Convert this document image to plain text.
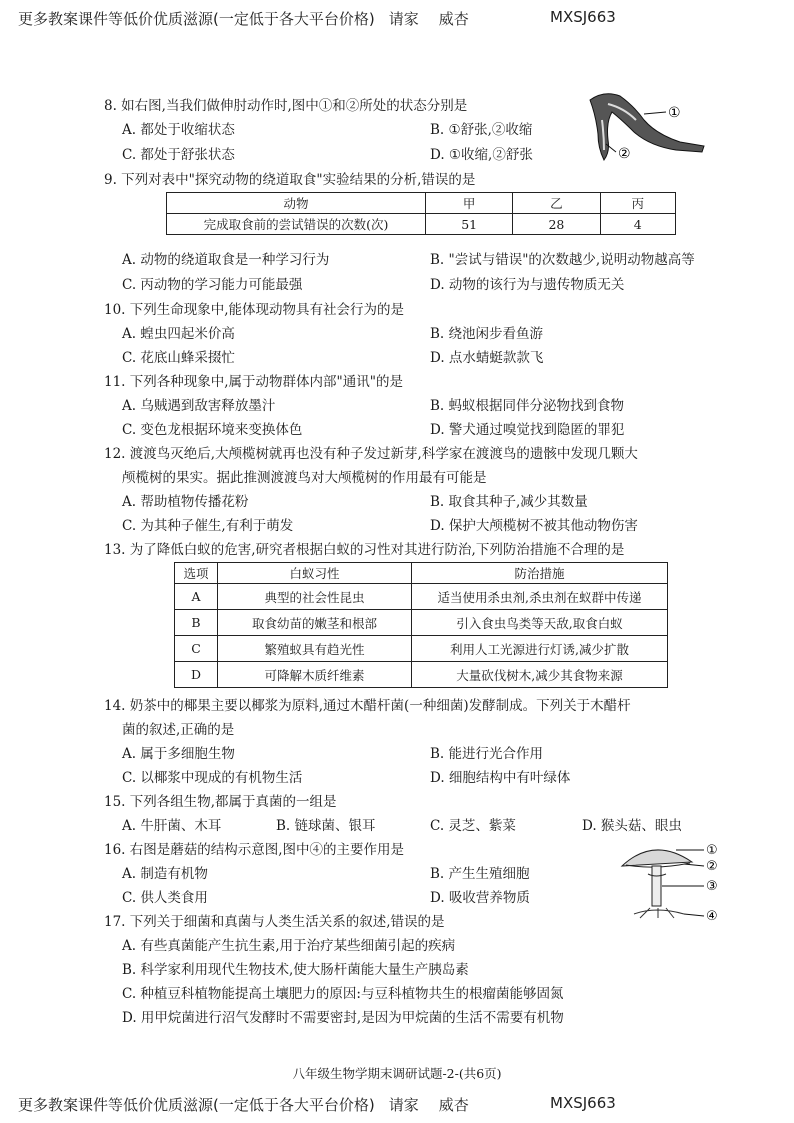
更多教案课件等低价优质滋源(一定低于各大平台价格) 请家 威杏	MXSJ663
8. 如右图,当我们做伸肘动作时,图中①和②所处的状态分别是
A. 都处于收缩状态	B. ①舒张,②收缩
C. 都处于舒张状态	D. ①收缩,②舒张
9. 下列对表中"探究动物的绕道取食"实验结果的分析,错误的是
动物	甲	乙	丙
完成取食前的尝试错误的次数(次)	51	28	4
A. 动物的绕道取食是一种学习行为	B. "尝试与错误"的次数越少,说明动物越高等
C. 丙动物的学习能力可能最强	D. 动物的该行为与遗传物质无关
10. 下列生命现象中,能体现动物具有社会行为的是
A. 蝗虫四起米价高	B. 绕池闲步看鱼游
C. 花底山蜂采掇忙	D. 点水蜻蜓款款飞
11. 下列各种现象中,属于动物群体内部"通讯"的是
A. 乌贼遇到敌害释放墨汁	B. 蚂蚁根据同伴分泌物找到食物
C. 变色龙根据环境来变换体色	D. 警犬通过嗅觉找到隐匿的罪犯
12. 渡渡鸟灭绝后,大颅榄树就再也没有种子发过新芽,科学家在渡渡鸟的遗骸中发现几颗大
颅榄树的果实。据此推测渡渡鸟对大颅榄树的作用最有可能是
A. 帮助植物传播花粉	B. 取食其种子,减少其数量
C. 为其种子催生,有利于萌发	D. 保护大颅榄树不被其他动物伤害
13. 为了降低白蚁的危害,研究者根据白蚁的习性对其进行防治,下列防治措施不合理的是
选项	白蚁习性	防治措施
A	典型的社会性昆虫	适当使用杀虫剂,杀虫剂在蚁群中传递
B	取食幼苗的嫩茎和根部	引入食虫鸟类等天敌,取食白蚁
C	繁殖蚁具有趋光性	利用人工光源进行灯诱,减少扩散
D	可降解木质纤维素	大量砍伐树木,减少其食物来源
14. 奶茶中的椰果主要以椰浆为原料,通过木醋杆菌(一种细菌)发酵制成。下列关于木醋杆
菌的叙述,正确的是
A. 属于多细胞生物	B. 能进行光合作用
C. 以椰浆中现成的有机物生活	D. 细胞结构中有叶绿体
15. 下列各组生物,都属于真菌的一组是
A. 牛肝菌、木耳	B. 链球菌、银耳	C. 灵芝、紫菜	D. 猴头菇、眼虫
16. 右图是蘑菇的结构示意图,图中④的主要作用是
A. 制造有机物	B. 产生生殖细胞
C. 供人类食用	D. 吸收营养物质
17. 下列关于细菌和真菌与人类生活关系的叙述,错误的是
A. 有些真菌能产生抗生素,用于治疗某些细菌引起的疾病
B. 科学家利用现代生物技术,使大肠杆菌能大量生产胰岛素
C. 种植豆科植物能提高土壤肥力的原因:与豆科植物共生的根瘤菌能够固氮
D. 用甲烷菌进行沼气发酵时不需要密封,是因为甲烷菌的生活不需要有机物
①
②
①
②
③
④
八年级生物学期末调研试题-2-(共6页)
更多教案课件等低价优质滋源(一定低于各大平台价格) 请家 威杏	MXSJ663
